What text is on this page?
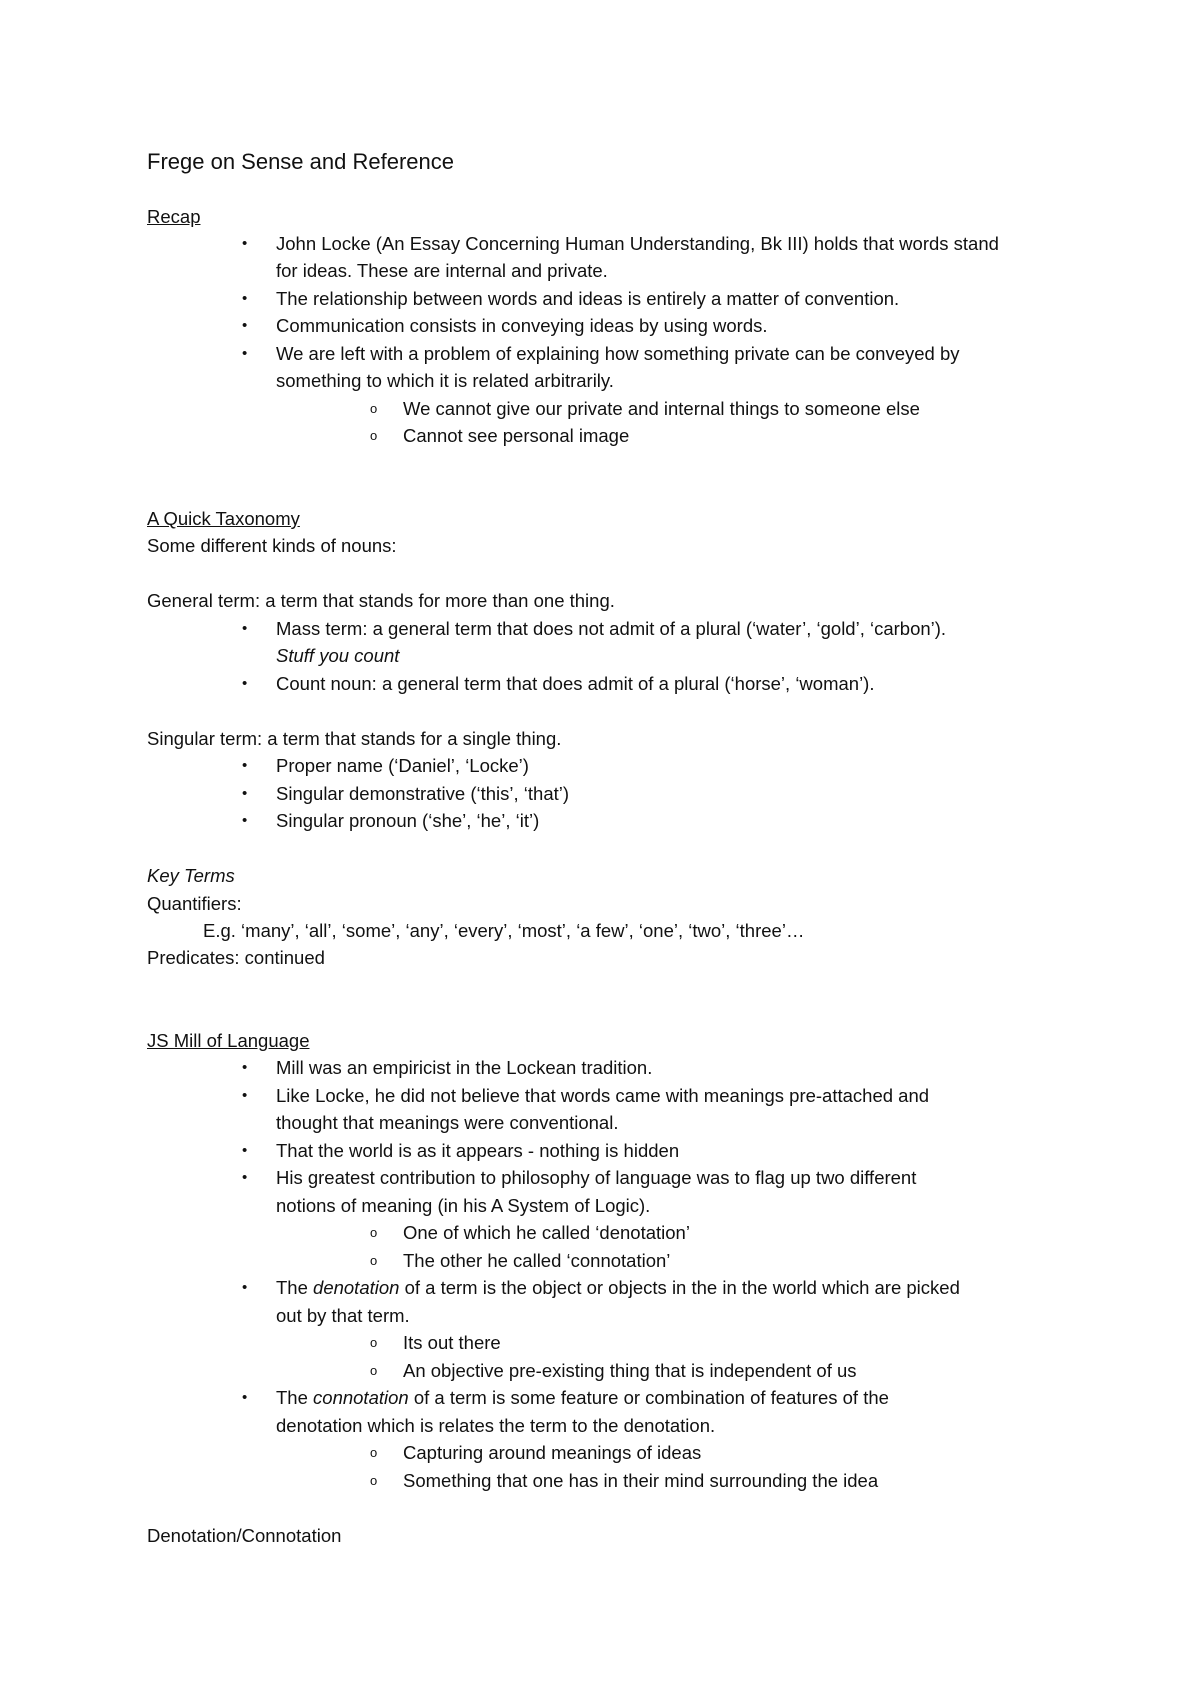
Frege on Sense and Reference
Recap
• John Locke (An Essay Concerning Human Understanding, Bk III) holds that words stand
for ideas. These are internal and private.
• The relationship between words and ideas is entirely a matter of convention.
• Communication consists in conveying ideas by using words.
• We are left with a problem of explaining how something private can be conveyed by
something to which it is related arbitrarily.
o We cannot give our private and internal things to someone else
o Cannot see personal image
A Quick Taxonomy
Some different kinds of nouns:
General term: a term that stands for more than one thing.
• Mass term: a general term that does not admit of a plural (‘water’, ‘gold’, ‘carbon’).
Stuff you count
• Count noun: a general term that does admit of a plural (‘horse’, ‘woman’).
Singular term: a term that stands for a single thing.
• Proper name (‘Daniel’, ‘Locke’)
• Singular demonstrative (‘this’, ‘that’)
• Singular pronoun (‘she’, ‘he’, ‘it’)
Key Terms
Quantifiers:
E.g. ‘many’, ‘all’, ‘some’, ‘any’, ‘every’, ‘most’, ‘a few’, ‘one’, ‘two’, ‘three’…
Predicates: continued
JS Mill of Language
• Mill was an empiricist in the Lockean tradition.
• Like Locke, he did not believe that words came with meanings pre-attached and
thought that meanings were conventional.
• That the world is as it appears - nothing is hidden
• His greatest contribution to philosophy of language was to flag up two different
notions of meaning (in his A System of Logic).
o One of which he called ‘denotation’
o The other he called ‘connotation’
• The denotation of a term is the object or objects in the in the world which are picked
out by that term.
o Its out there
o An objective pre-existing thing that is independent of us
• The connotation of a term is some feature or combination of features of the
denotation which is relates the term to the denotation.
o Capturing around meanings of ideas
o Something that one has in their mind surrounding the idea
Denotation/Connotation
